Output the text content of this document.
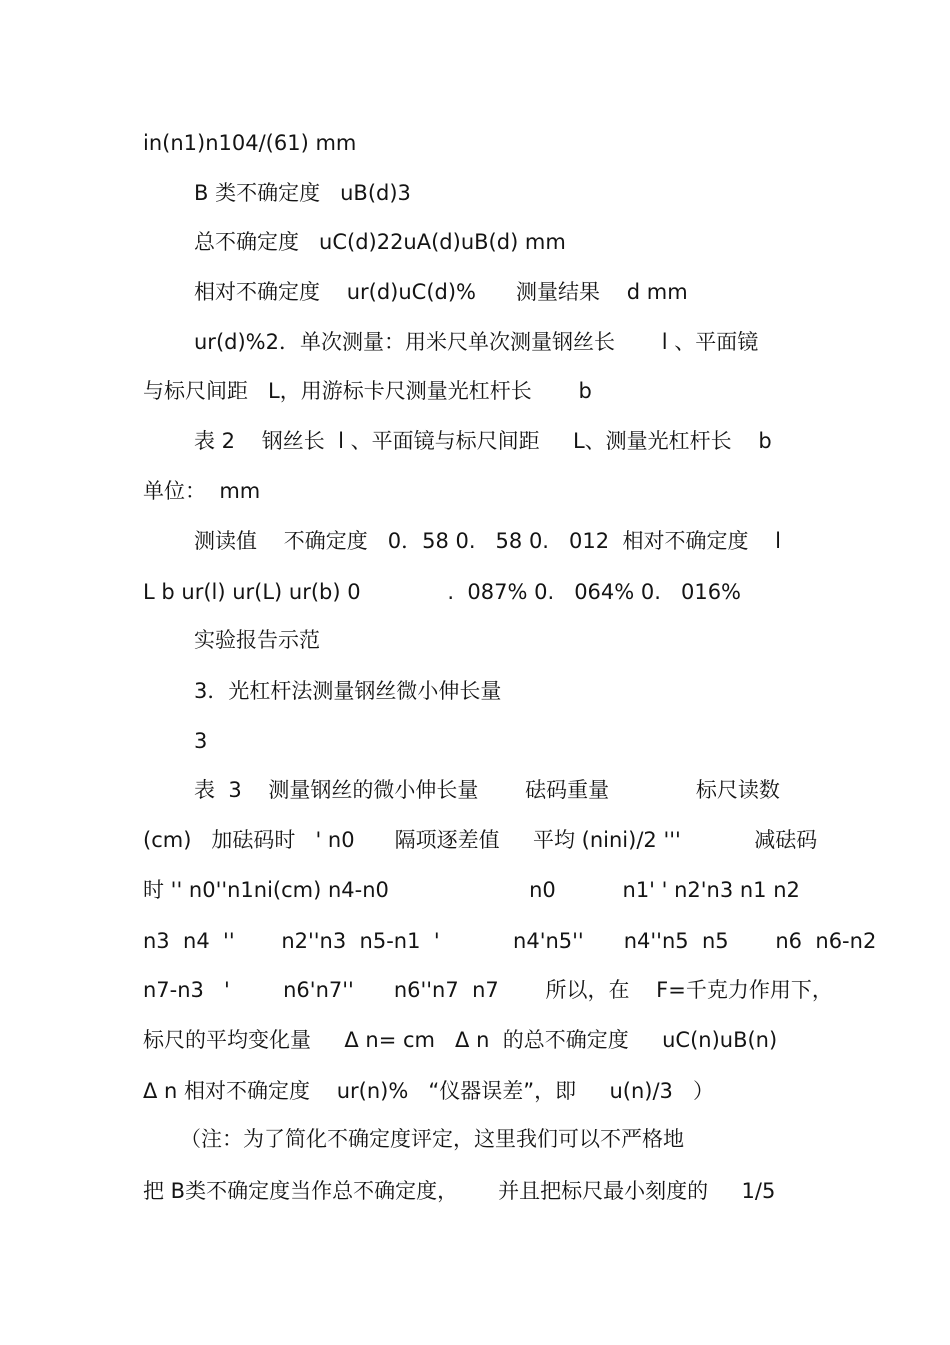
in(n1)n104/(61) mm

B 类不确定度   uB(d)3

总不确定度   uC(d)22uA(d)uB(d) mm

相对不确定度    ur(d)uC(d)%      测量结果    d mm

ur(d)%2．单次测量：用米尺单次测量钢丝长       l 、平面镜

与标尺间距   L，用游标卡尺测量光杠杆长       b

表 2    钢丝长  l 、平面镜与标尺间距     L、测量光杠杆长    b

单位：  mm

测读值    不确定度   0．58 0.   58 0.   012  相对不确定度    l

L b ur(l) ur(L) ur(b) 0             .  087% 0.   064% 0.   016%

实验报告示范

3．光杠杆法测量钢丝微小伸长量

3

表  3    测量钢丝的微小伸长量       砝码重量             标尺读数

(cm)   加砝码时   ' n0      隔项逐差值     平均 (nini)/2 '''           减砝码

时 '' n0''n1ni(cm) n4-n0                     n0          n1' ' n2'n3 n1 n2

n3  n4  ''       n2''n3  n5-n1  '           n4'n5''      n4''n5  n5       n6  n6-n2

n7-n3   '        n6'n7''      n6''n7  n7       所以，在    F=千克力作用下，

标尺的平均变化量     Δ n= cm   Δ n  的总不确定度     uC(n)uB(n)

Δ n 相对不确定度    ur(n)%   “仪器误差”，即     u(n)/3   ）

（注：为了简化不确定度评定，这里我们可以不严格地

把 B类不确定度当作总不确定度，      并且把标尺最小刻度的     1/5
